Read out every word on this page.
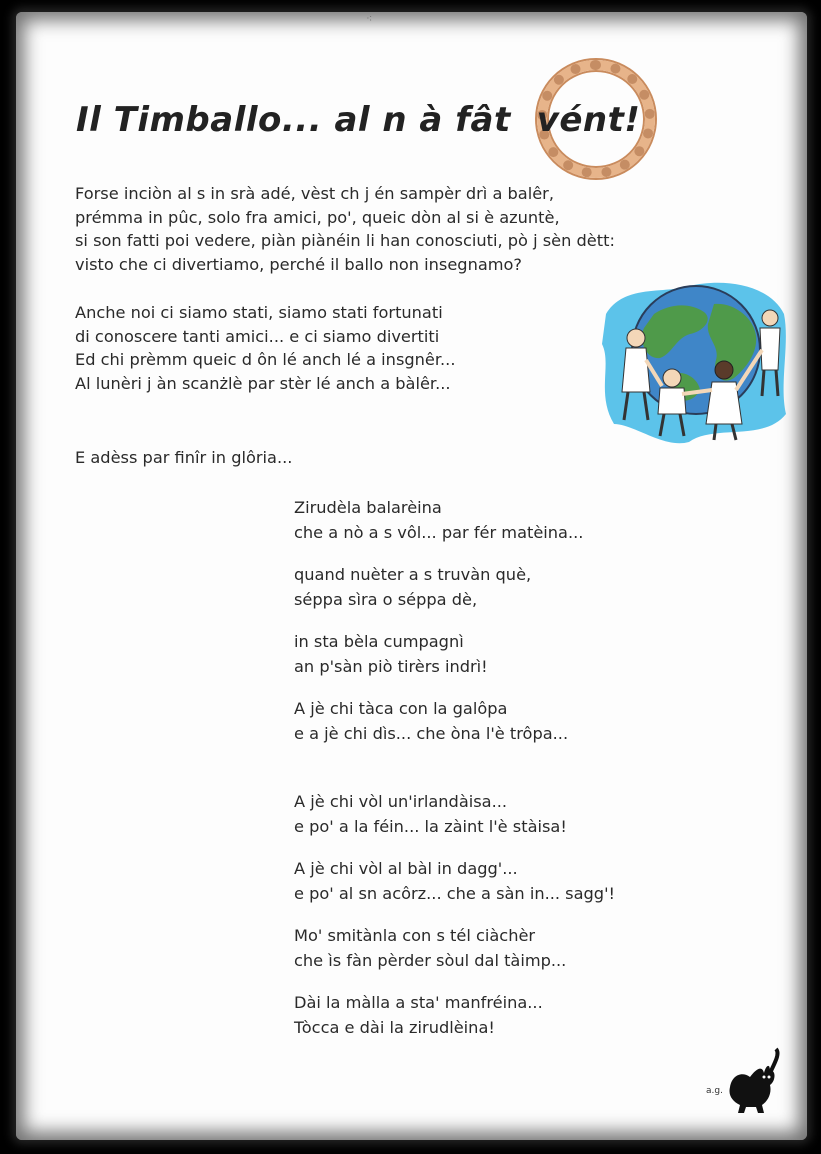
⁖
Il Timballo... al n à fât vént!

Forse inciòn al s in srà adé, vèst ch j én sampèr drì a balêr,
prémma in pûc, solo fra amici, po', queic dòn al si è azuntè,
si son fatti poi vedere, piàn piànéin li han conosciuti, pò j sèn dètt:
visto che ci divertiamo, perché il ballo non insegnamo?

Anche noi ci siamo stati, siamo stati fortunati
di conoscere tanti amici... e ci siamo divertiti
Ed chi prèmm queic d ôn lé anch lé a insgnêr...
Al lunèri j àn scanżlè par stèr lé anch a bàlêr...

E adèss par finîr in glôria...

Zirudèla balarèina
che a nò a s vôl... par fér matèina...

quand nuèter a s truvàn què,
séppa sìra o séppa dè,

in sta bèla cumpagnì
an p'sàn piò tirèrs indrì!

A jè chi tàca con la galôpa
e a jè chi dìs... che òna l'è trôpa...

A jè chi vòl un'irlandàisa...
e po' a la féin... la zàint l'è stàisa!

A jè chi vòl al bàl in dagg'...
e po' al sn acôrz... che a sàn in... sagg'!

Mo' smitànla con s tél ciàchèr
che ìs fàn pèrder sòul dal tàimp...

Dài la màlla a sta' manfréina...
Tòcca e dài la zirudlèina!

a.g.
